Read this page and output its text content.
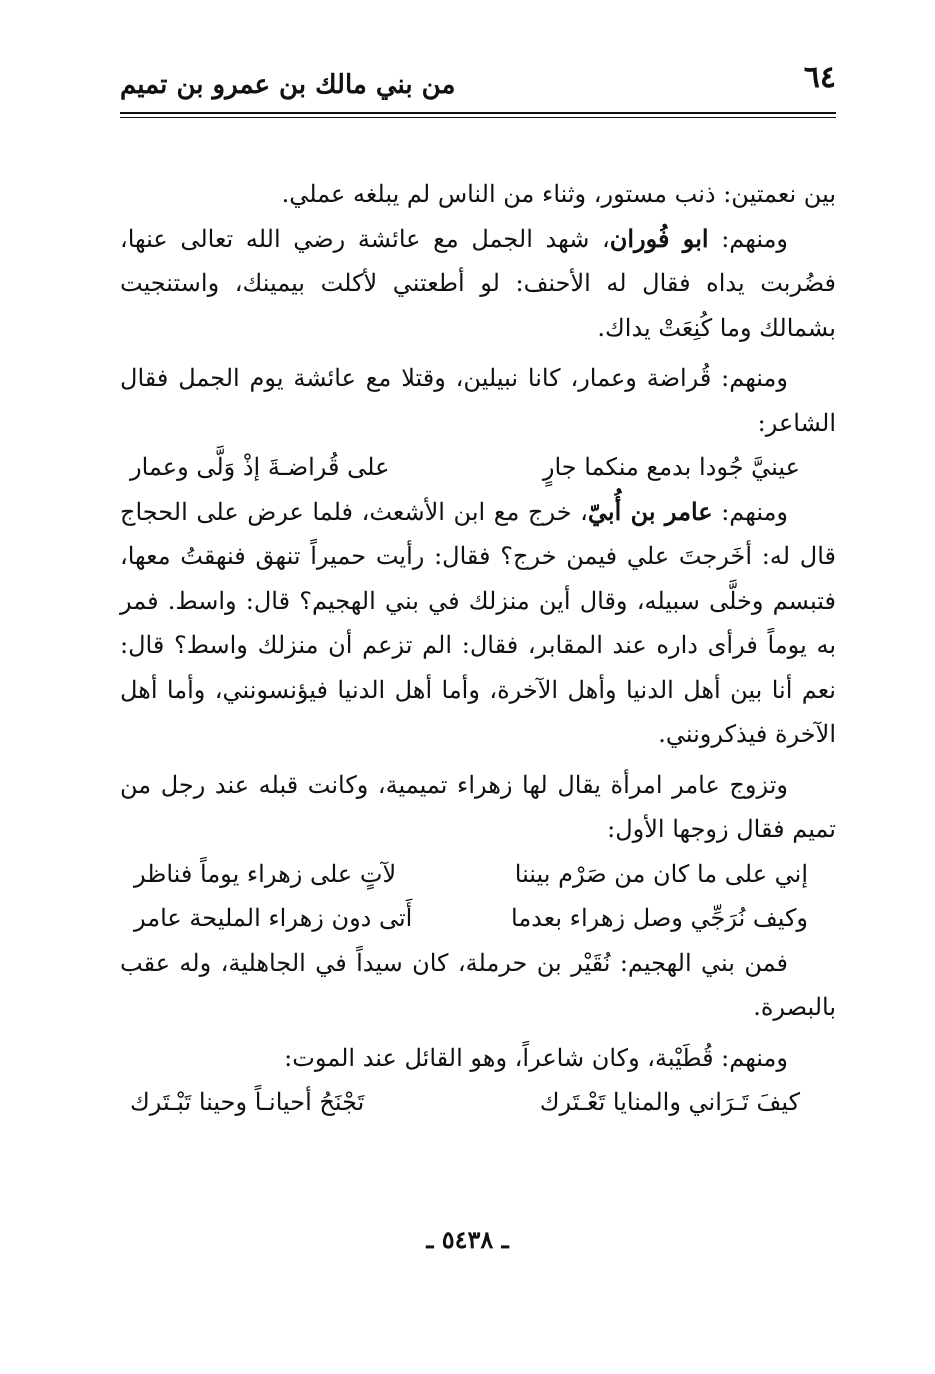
٦٤
من بني مالك بن عمرو بن تميم

بين نعمتين: ذنب مستور، وثناء من الناس لم يبلغه عملي.

ومنهم: ابو فُوران، شهد الجمل مع عائشة رضي الله تعالى عنها، فضُربت يداه فقال له الأحنف: لو أطعتني لأكلت بيمينك، واستنجيت بشمالك وما كُنِعَتْ يداك.

ومنهم: قُراضة وعمار، كانا نبيلين، وقتلا مع عائشة يوم الجمل فقال الشاعر:

عينيَّ جُودا بدمع منكما جارٍ
على قُراضـةَ إذْ وَلَّى وعمار

ومنهم: عامر بن أُبيّ، خرج مع ابن الأشعث، فلما عرض على الحجاج قال له: أخَرجتَ علي فيمن خرج؟ فقال: رأيت حميراً تنهق فنهقتُ معها، فتبسم وخلَّى سبيله، وقال أين منزلك في بني الهجيم؟ قال: واسط. فمر به يوماً فرأى داره عند المقابر، فقال: الم تزعم أن منزلك واسط؟ قال: نعم أنا بين أهل الدنيا وأهل الآخرة، وأما أهل الدنيا فيؤنسونني، وأما أهل الآخرة فيذكرونني.

وتزوج عامر امرأة يقال لها زهراء تميمية، وكانت قبله عند رجل من تميم فقال زوجها الأول:

إني على ما كان من صَرْم بيننا
لآتٍ على زهراء يوماً فناظر
وكيف نُرَجِّي وصل زهراء بعدما
أَتى دون زهراء المليحة عامر

فمن بني الهجيم: نُقَيْر بن حرملة، كان سيداً في الجاهلية، وله عقب بالبصرة.

ومنهم: قُطَيْبة، وكان شاعراً، وهو القائل عند الموت:

كيفَ تَـرَاني والمنايا تَعْـتَرك
تَجْنَحُ أحيانـاً وحينا تَبْـتَرك
ـ ٥٤٣٨ ـ
